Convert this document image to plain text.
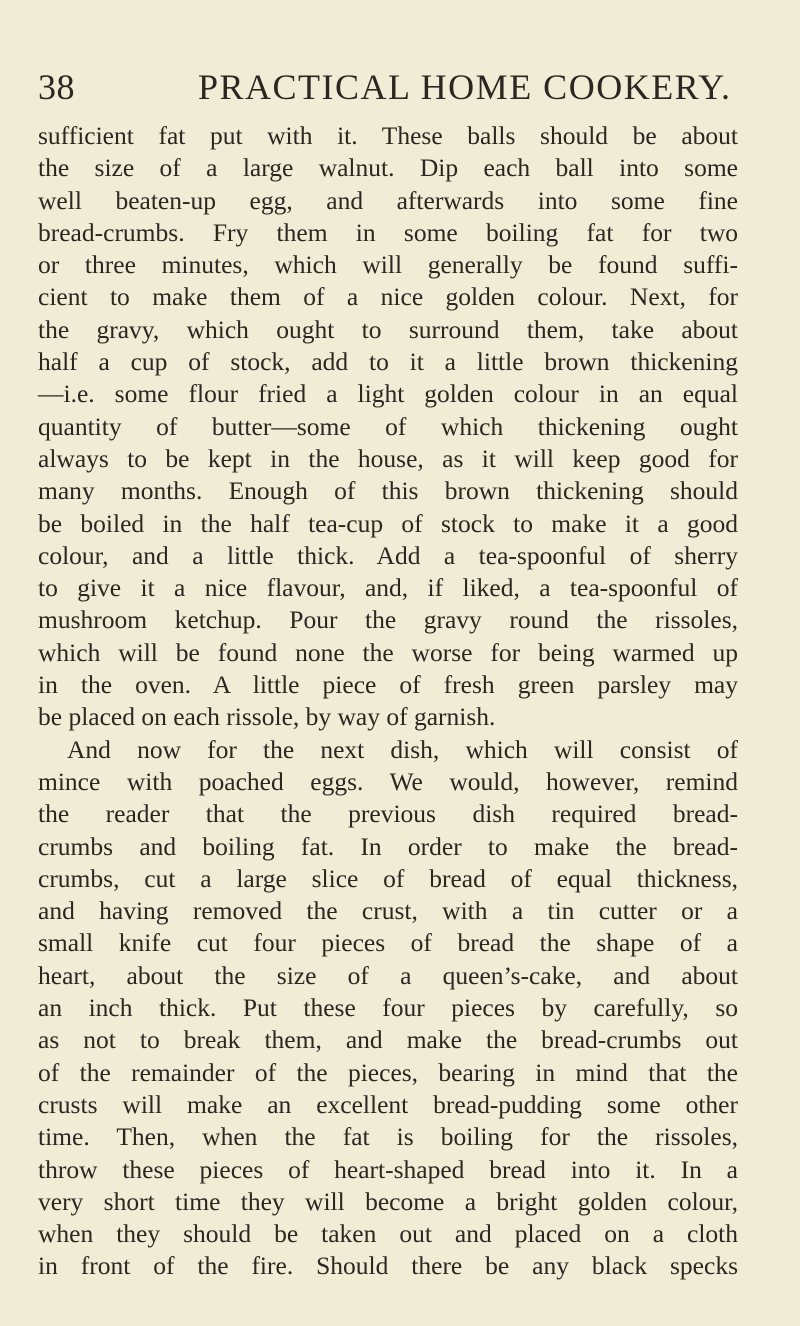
38	PRACTICAL HOME COOKERY.
sufficient fat put with it. These balls should be about
the size of a large walnut. Dip each ball into some
well beaten-up egg, and afterwards into some fine
bread-crumbs. Fry them in some boiling fat for two
or three minutes, which will generally be found suffi-
cient to make them of a nice golden colour. Next, for
the gravy, which ought to surround them, take about
half a cup of stock, add to it a little brown thickening
—i.e. some flour fried a light golden colour in an equal
quantity of butter—some of which thickening ought
always to be kept in the house, as it will keep good for
many months. Enough of this brown thickening should
be boiled in the half tea-cup of stock to make it a good
colour, and a little thick. Add a tea-spoonful of sherry
to give it a nice flavour, and, if liked, a tea-spoonful of
mushroom ketchup. Pour the gravy round the rissoles,
which will be found none the worse for being warmed up
in the oven. A little piece of fresh green parsley may
be placed on each rissole, by way of garnish.
And now for the next dish, which will consist of
mince with poached eggs. We would, however, remind
the reader that the previous dish required bread-
crumbs and boiling fat. In order to make the bread-
crumbs, cut a large slice of bread of equal thickness,
and having removed the crust, with a tin cutter or a
small knife cut four pieces of bread the shape of a
heart, about the size of a queen’s-cake, and about
an inch thick. Put these four pieces by carefully, so
as not to break them, and make the bread-crumbs out
of the remainder of the pieces, bearing in mind that the
crusts will make an excellent bread-pudding some other
time. Then, when the fat is boiling for the rissoles,
throw these pieces of heart-shaped bread into it. In a
very short time they will become a bright golden colour,
when they should be taken out and placed on a cloth
in front of the fire. Should there be any black specks
